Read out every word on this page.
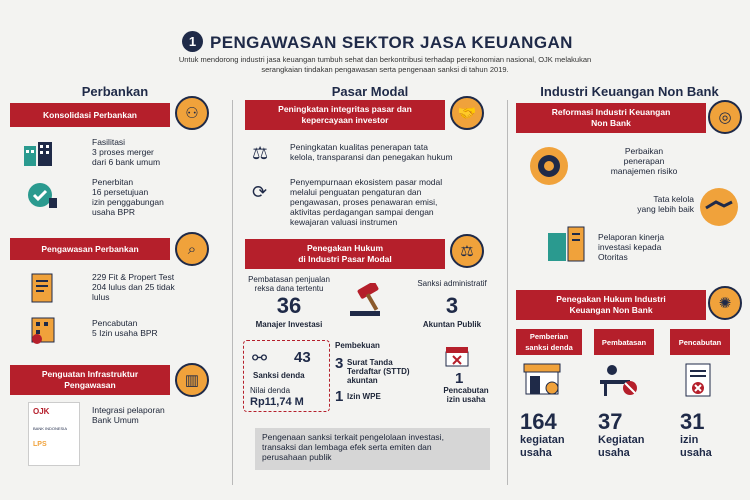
1 PENGAWASAN SEKTOR JASA KEUANGAN
Untuk mendorong industri jasa keuangan tumbuh sehat dan berkontribusi terhadap perekonomian nasional, OJK melakukan serangkaian tindakan pengawasan serta pengenaan sanksi di tahun 2019.
Perbankan
Konsolidasi Perbankan	⚇
Fasilitasi
3 proses merger
dari 6 bank umum
Penerbitan
16 persetujuan
izin penggabungan
usaha BPR
Pengawasan Perbankan	⌕
229 Fit & Propert Test
204 lulus dan 25 tidak
lulus
Pencabutan
5 Izin usaha BPR
Penguatan Infrastruktur
Pengawasan	▥
OJK
BANK INDONESIA
LPS
Integrasi pelaporan
Bank Umum
Pasar Modal
Peningkatan integritas pasar dan
kepercayaan investor	🤝
⚖	Peningkatan kualitas penerapan tata
kelola, transparansi dan penegakan hukum
⟳	Penyempurnaan ekosistem pasar modal
melalui penguatan pengaturan dan
pengawasan, proses penawaran emisi,
aktivitas perdagangan sampai dengan
kewajaran valuasi instrumen
Penegakan Hukum
di Industri Pasar Modal	⚖
Pembatasan penjualan
reksa dana tertentu
36
Manajer Investasi
Sanksi administratif
3
Akuntan Publik
⚯ 43
Sanksi denda
Nilai denda
Rp11,74 M
Pembekuan
3 Surat Tanda
Terdaftar (STTD)
akuntan
1 Izin WPE
1
Pencabutan
izin usaha
Pengenaan sanksi terkait pengelolaan investasi,
transaksi dan lembaga efek serta emiten dan
perusahaan publik
Industri Keuangan Non Bank
Reformasi Industri Keuangan
Non Bank	◎
Perbaikan
penerapan
manajemen risiko
Tata kelola
yang lebih baik
Pelaporan kinerja
investasi kepada
Otoritas
Penegakan Hukum Industri
Keuangan Non Bank	✺
Pemberian
sanksi denda
Pembatasan	Pencabutan
164
kegiatan
usaha
37
Kegiatan
usaha
31
izin
usaha
